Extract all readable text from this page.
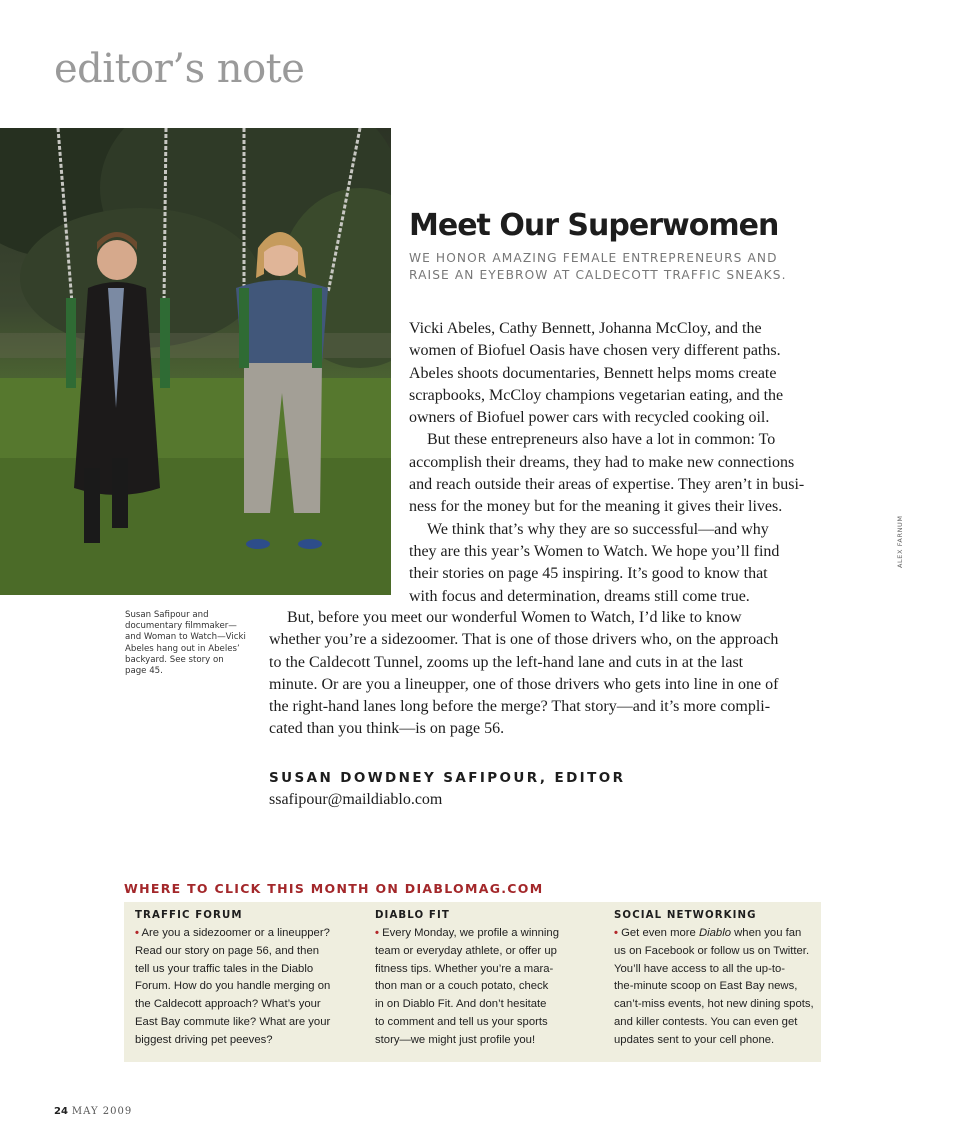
editor’s note

Susan Safipour and
documentary filmmaker—
and Woman to Watch—Vicki
Abeles hang out in Abeles’
backyard. See story on
page 45.

Meet Our Superwomen

WE HONOR AMAZING FEMALE ENTREPRENEURS AND
RAISE AN EYEBROW AT CALDECOTT TRAFFIC SNEAKS.

Vicki Abeles, Cathy Bennett, Johanna McCloy, and the
women of Biofuel Oasis have chosen very different paths.
Abeles shoots documentaries, Bennett helps moms create
scrapbooks, McCloy champions vegetarian eating, and the
owners of Biofuel power cars with recycled cooking oil.

But these entrepreneurs also have a lot in common: To
accomplish their dreams, they had to make new connections
and reach outside their areas of expertise. They aren’t in busi-
ness for the money but for the meaning it gives their lives.

We think that’s why they are so successful—and why
they are this year’s Women to Watch. We hope you’ll find
their stories on page 45 inspiring. It’s good to know that
with focus and determination, dreams still come true.

But, before you meet our wonderful Women to Watch, I’d like to know
whether you’re a sidezoomer. That is one of those drivers who, on the approach
to the Caldecott Tunnel, zooms up the left-hand lane and cuts in at the last
minute. Or are you a lineupper, one of those drivers who gets into line in one of
the right-hand lanes long before the merge? That story—and it’s more compli-
cated than you think—is on page 56.

SUSAN DOWDNEY SAFIPOUR, EDITOR

ssafipour@maildiablo.com

ALEX FARNUM
WHERE TO CLICK THIS MONTH ON DIABLOMAG.COM
TRAFFIC FORUM

• Are you a sidezoomer or a lineupper?
Read our story on page 56, and then
tell us your traffic tales in the Diablo
Forum. How do you handle merging on
the Caldecott approach? What’s your
East Bay commute like? What are your
biggest driving pet peeves?

DIABLO FIT

• Every Monday, we profile a winning
team or everyday athlete, or offer up
fitness tips. Whether you’re a mara-
thon man or a couch potato, check
in on Diablo Fit. And don’t hesitate
to comment and tell us your sports
story—we might just profile you!

SOCIAL NETWORKING

• Get even more Diablo when you fan
us on Facebook or follow us on Twitter.
You’ll have access to all the up-to-
the-minute scoop on East Bay news,
can’t-miss events, hot new dining spots,
and killer contests. You can even get
updates sent to your cell phone.

24 MAY 2009
